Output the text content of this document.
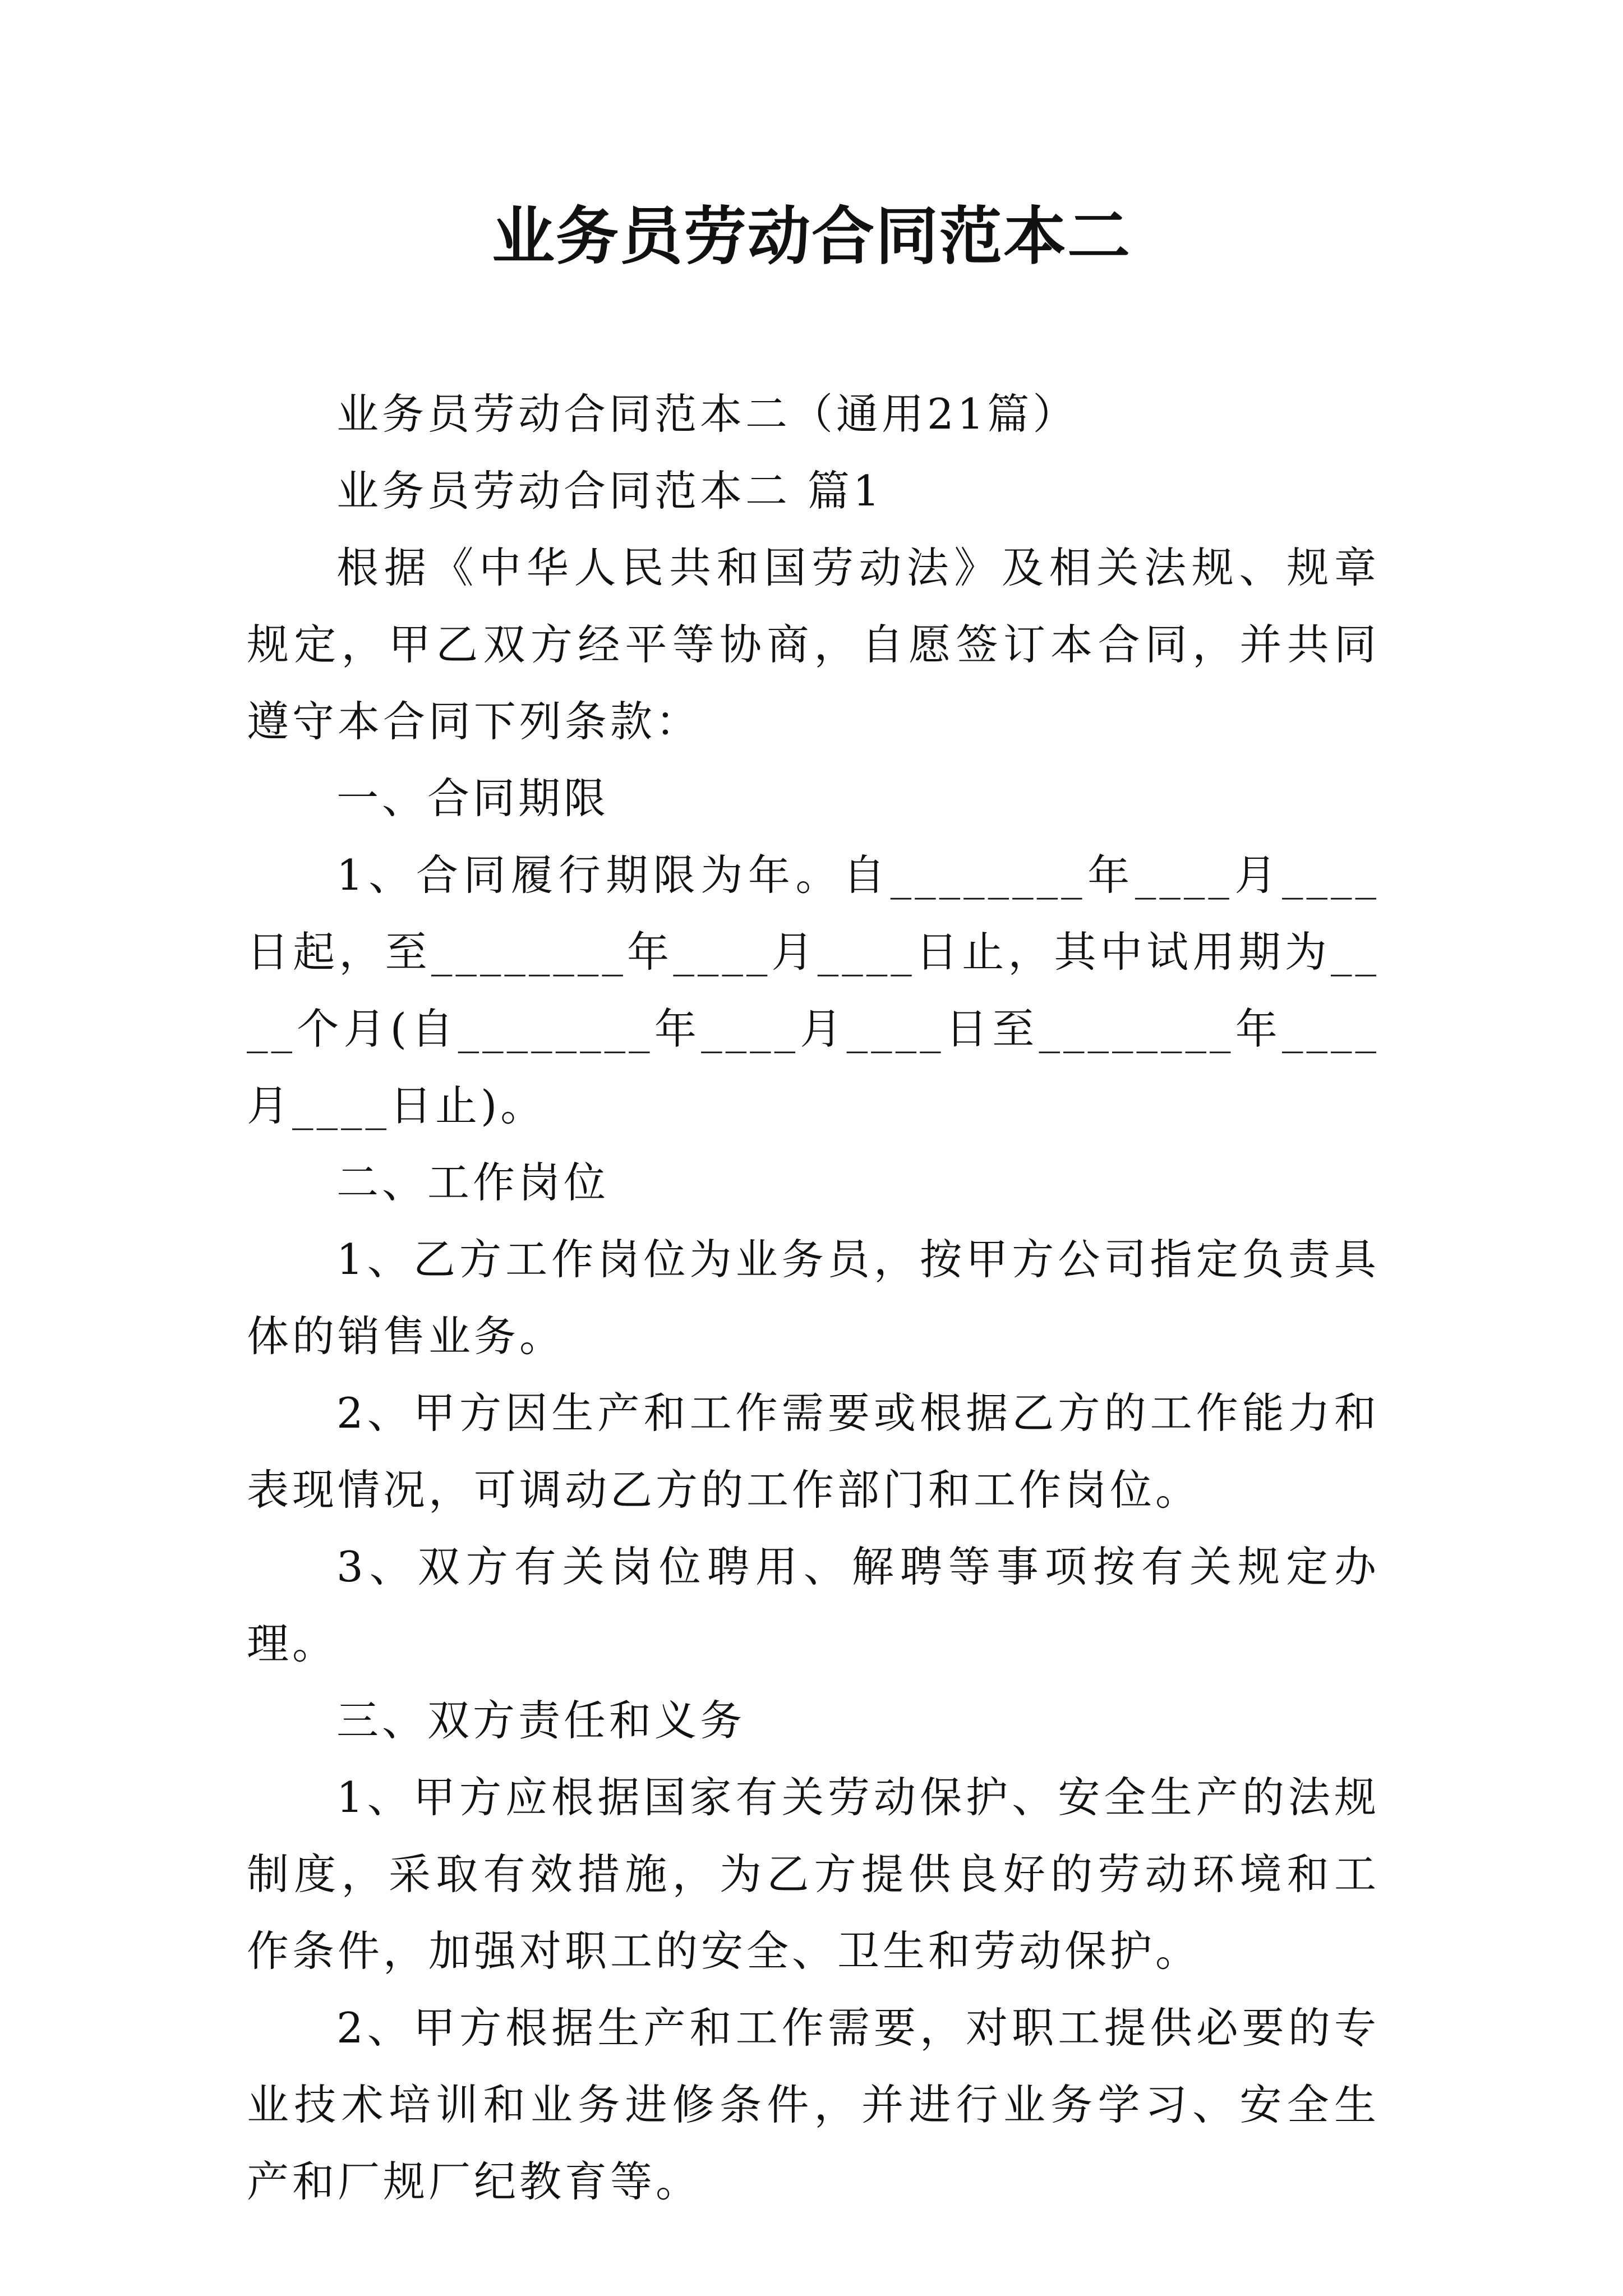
业务员劳动合同范本二

业务员劳动合同范本二（通用21篇）

业务员劳动合同范本二 篇1

根据《中华人民共和国劳动法》及相关法规、规章规定，甲乙双方经平等协商，自愿签订本合同，并共同遵守本合同下列条款：

一、合同期限

1、合同履行期限为年。自________年____月____日起，至________年____月____日止，其中试用期为____个月(自________年____月____日至________年____月____日止)。

二、工作岗位

1、乙方工作岗位为业务员，按甲方公司指定负责具体的销售业务。

2、甲方因生产和工作需要或根据乙方的工作能力和表现情况，可调动乙方的工作部门和工作岗位。

3、双方有关岗位聘用、解聘等事项按有关规定办理。

三、双方责任和义务

1、甲方应根据国家有关劳动保护、安全生产的法规制度，采取有效措施，为乙方提供良好的劳动环境和工作条件，加强对职工的安全、卫生和劳动保护。

2、甲方根据生产和工作需要，对职工提供必要的专业技术培训和业务进修条件，并进行业务学习、安全生产和厂规厂纪教育等。
